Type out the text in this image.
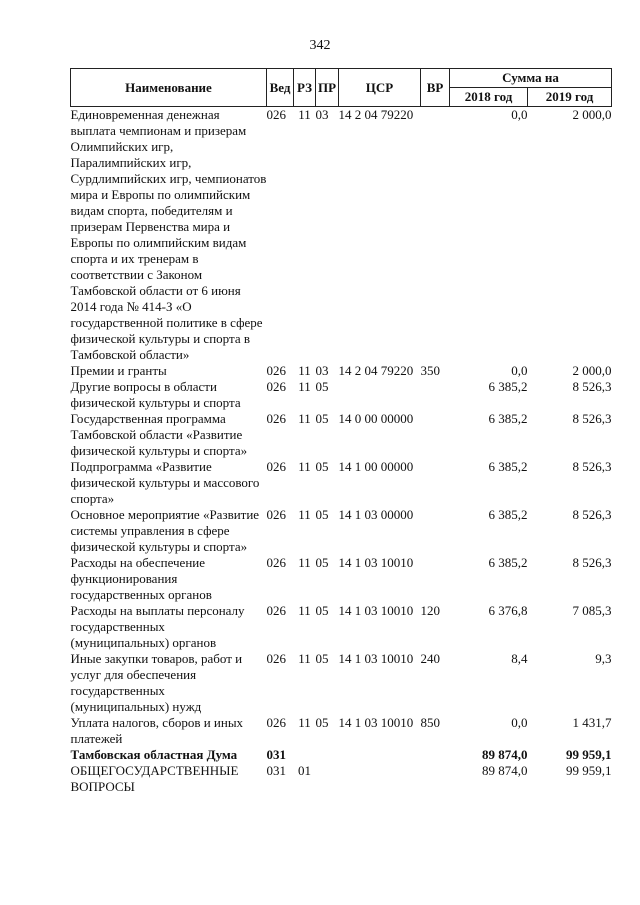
342
Наименование	Вед	РЗ	ПР	ЦСР	ВР	Сумма на	
						2018 год	2019 год
Единовременная денежная выплата чемпионам и призерам Олимпийских игр, Паралимпийских игр, Сурдлимпийских игр, чемпионатов мира и Европы по олимпийским видам спорта, победителям и призерам Первенства мира и Европы по олимпийским видам спорта и их тренерам в соответствии с Законом Тамбовской области от 6 июня 2014 года № 414-З «О государственной политике в сфере физической культуры и спорта в Тамбовской области»	026	11	03	14 2 04 79220		0,0	2 000,0
Премии и гранты	026	11	03	14 2 04 79220	350	0,0	2 000,0
Другие вопросы в области физической культуры и спорта	026	11	05			6 385,2	8 526,3
Государственная программа Тамбовской области «Развитие физической культуры и спорта»	026	11	05	14 0 00 00000		6 385,2	8 526,3
Подпрограмма «Развитие физической культуры и массового спорта»	026	11	05	14 1 00 00000		6 385,2	8 526,3
Основное мероприятие «Развитие системы управления в сфере физической культуры и спорта»	026	11	05	14 1 03 00000		6 385,2	8 526,3
Расходы на обеспечение функционирования государственных органов	026	11	05	14 1 03 10010		6 385,2	8 526,3
Расходы на выплаты персоналу государственных (муниципальных) органов	026	11	05	14 1 03 10010	120	6 376,8	7 085,3
Иные закупки товаров, работ и услуг для обеспечения государственных (муниципальных) нужд	026	11	05	14 1 03 10010	240	8,4	9,3
Уплата налогов, сборов и иных платежей	026	11	05	14 1 03 10010	850	0,0	1 431,7
Тамбовская областная Дума	031					89 874,0	99 959,1
ОБЩЕГОСУДАРСТВЕННЫЕ ВОПРОСЫ	031	01				89 874,0	99 959,1
